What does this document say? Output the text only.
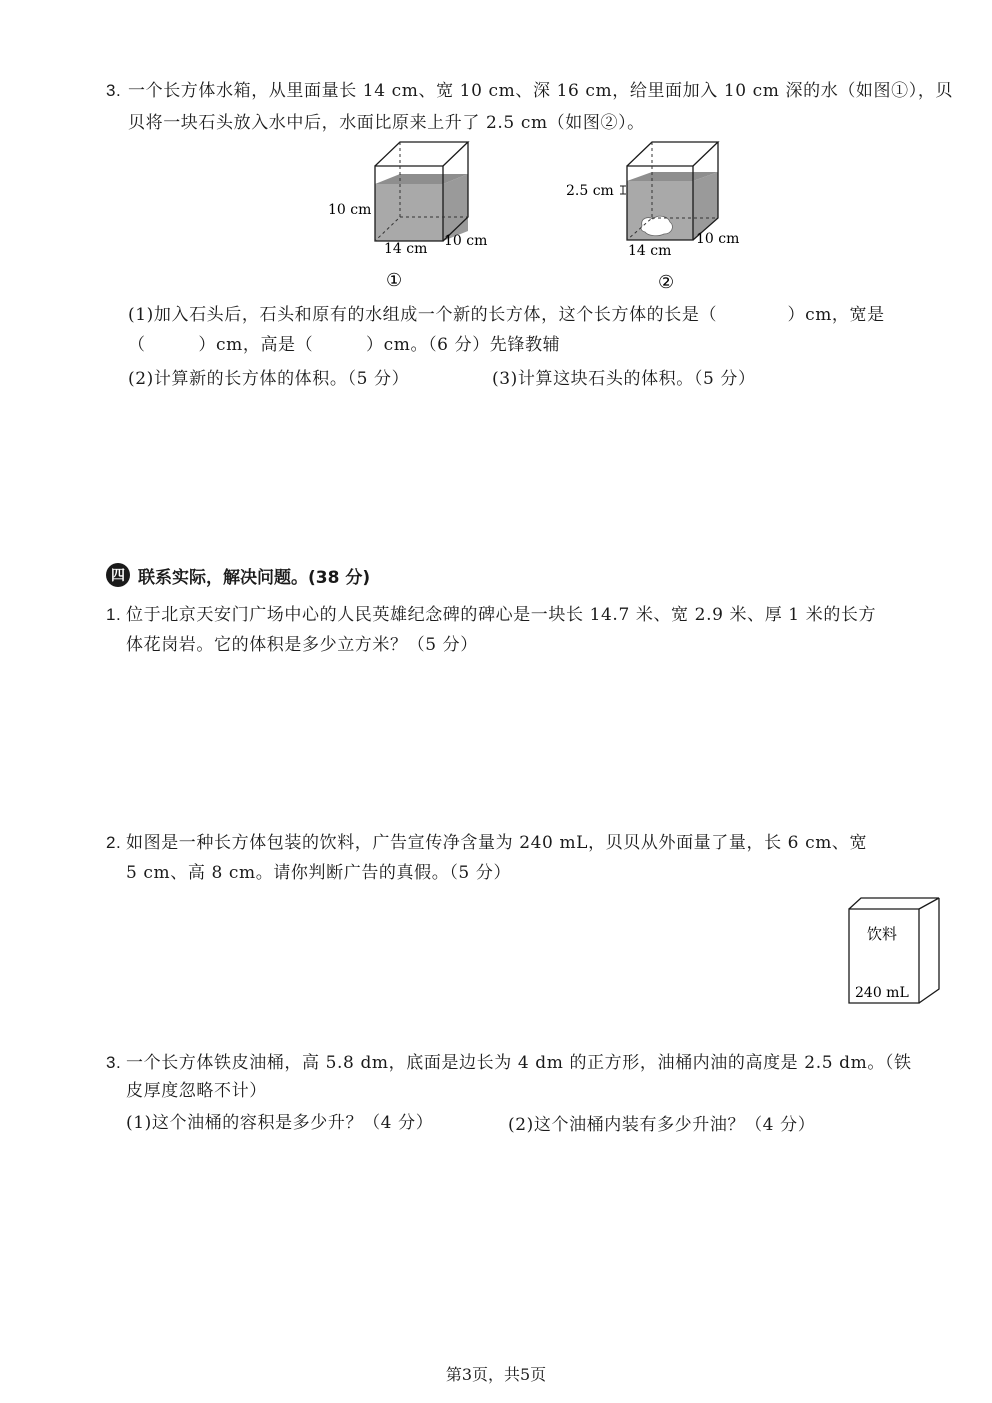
3. 一个长方体水箱，从里面量长 14 cm、宽 10 cm、深 16 cm，给里面加入 10 cm 深的水（如图①），贝
贝将一块石头放入水中后，水面比原来上升了 2.5 cm（如图②）。
10 cm
14 cm 10 cm
①
2.5 cm
14 cm
10 cm
②
(1)加入石头后，石头和原有的水组成一个新的长方体，这个长方体的长是（　　　　）cm，宽是
（　　　）cm，高是（　　　）cm。（6 分）先锋教辅
(2)计算新的长方体的体积。（5 分）	(3)计算这块石头的体积。（5 分）
四 联系实际，解决问题。(38 分)
1. 位于北京天安门广场中心的人民英雄纪念碑的碑心是一块长 14.7 米、宽 2.9 米、厚 1 米的长方
体花岗岩。它的体积是多少立方米？（5 分）
2. 如图是一种长方体包装的饮料，广告宣传净含量为 240 mL，贝贝从外面量了量，长 6 cm、宽
5 cm、高 8 cm。请你判断广告的真假。（5 分）
饮料
240 mL
3. 一个长方体铁皮油桶，高 5.8 dm，底面是边长为 4 dm 的正方形，油桶内油的高度是 2.5 dm。（铁
皮厚度忽略不计）
(1)这个油桶的容积是多少升？（4 分）	(2)这个油桶内装有多少升油？（4 分）
第3页，共5页
